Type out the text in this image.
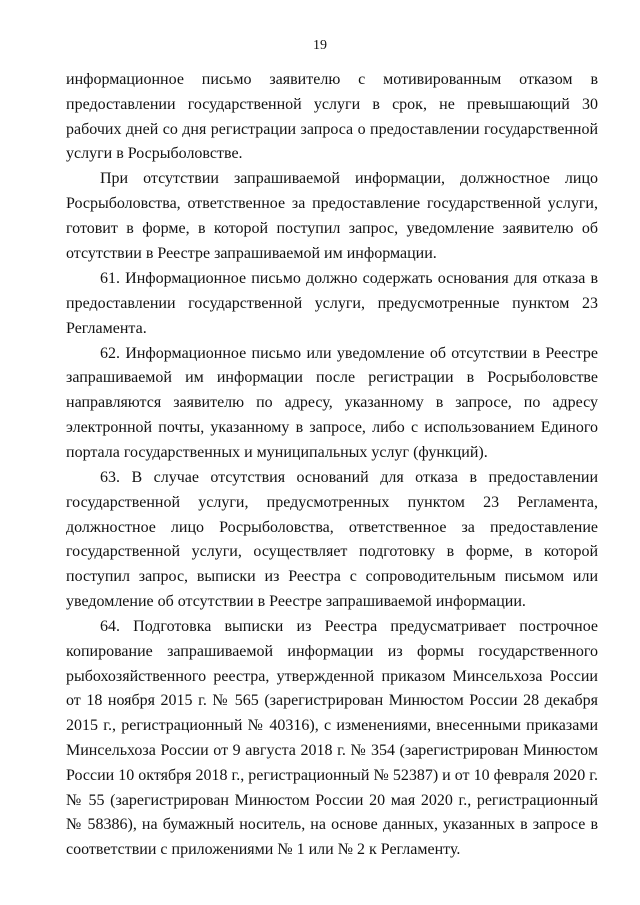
19

информационное письмо заявителю с мотивированным отказом в предоставлении государственной услуги в срок, не превышающий 30 рабочих дней со дня регистрации запроса о предоставлении государственной услуги в Росрыболовстве.

При отсутствии запрашиваемой информации, должностное лицо Росрыболовства, ответственное за предоставление государственной услуги, готовит в форме, в которой поступил запрос, уведомление заявителю об отсутствии в Реестре запрашиваемой им информации.

61. Информационное письмо должно содержать основания для отказа в предоставлении государственной услуги, предусмотренные пунктом 23 Регламента.

62. Информационное письмо или уведомление об отсутствии в Реестре запрашиваемой им информации после регистрации в Росрыболовстве направляются заявителю по адресу, указанному в запросе, по адресу электронной почты, указанному в запросе, либо с использованием Единого портала государственных и муниципальных услуг (функций).

63. В случае отсутствия оснований для отказа в предоставлении государственной услуги, предусмотренных пунктом 23 Регламента, должностное лицо Росрыболовства, ответственное за предоставление государственной услуги, осуществляет подготовку в форме, в которой поступил запрос, выписки из Реестра с сопроводительным письмом или уведомление об отсутствии в Реестре запрашиваемой информации.

64. Подготовка выписки из Реестра предусматривает построчное копирование запрашиваемой информации из формы государственного рыбохозяйственного реестра, утвержденной приказом Минсельхоза России от 18 ноября 2015 г. № 565 (зарегистрирован Минюстом России 28 декабря 2015 г., регистрационный № 40316), с изменениями, внесенными приказами Минсельхоза России от 9 августа 2018 г. № 354 (зарегистрирован Минюстом России 10 октября 2018 г., регистрационный № 52387) и от 10 февраля 2020 г. № 55 (зарегистрирован Минюстом России 20 мая 2020 г., регистрационный № 58386), на бумажный носитель, на основе данных, указанных в запросе в соответствии с приложениями № 1 или № 2 к Регламенту.
